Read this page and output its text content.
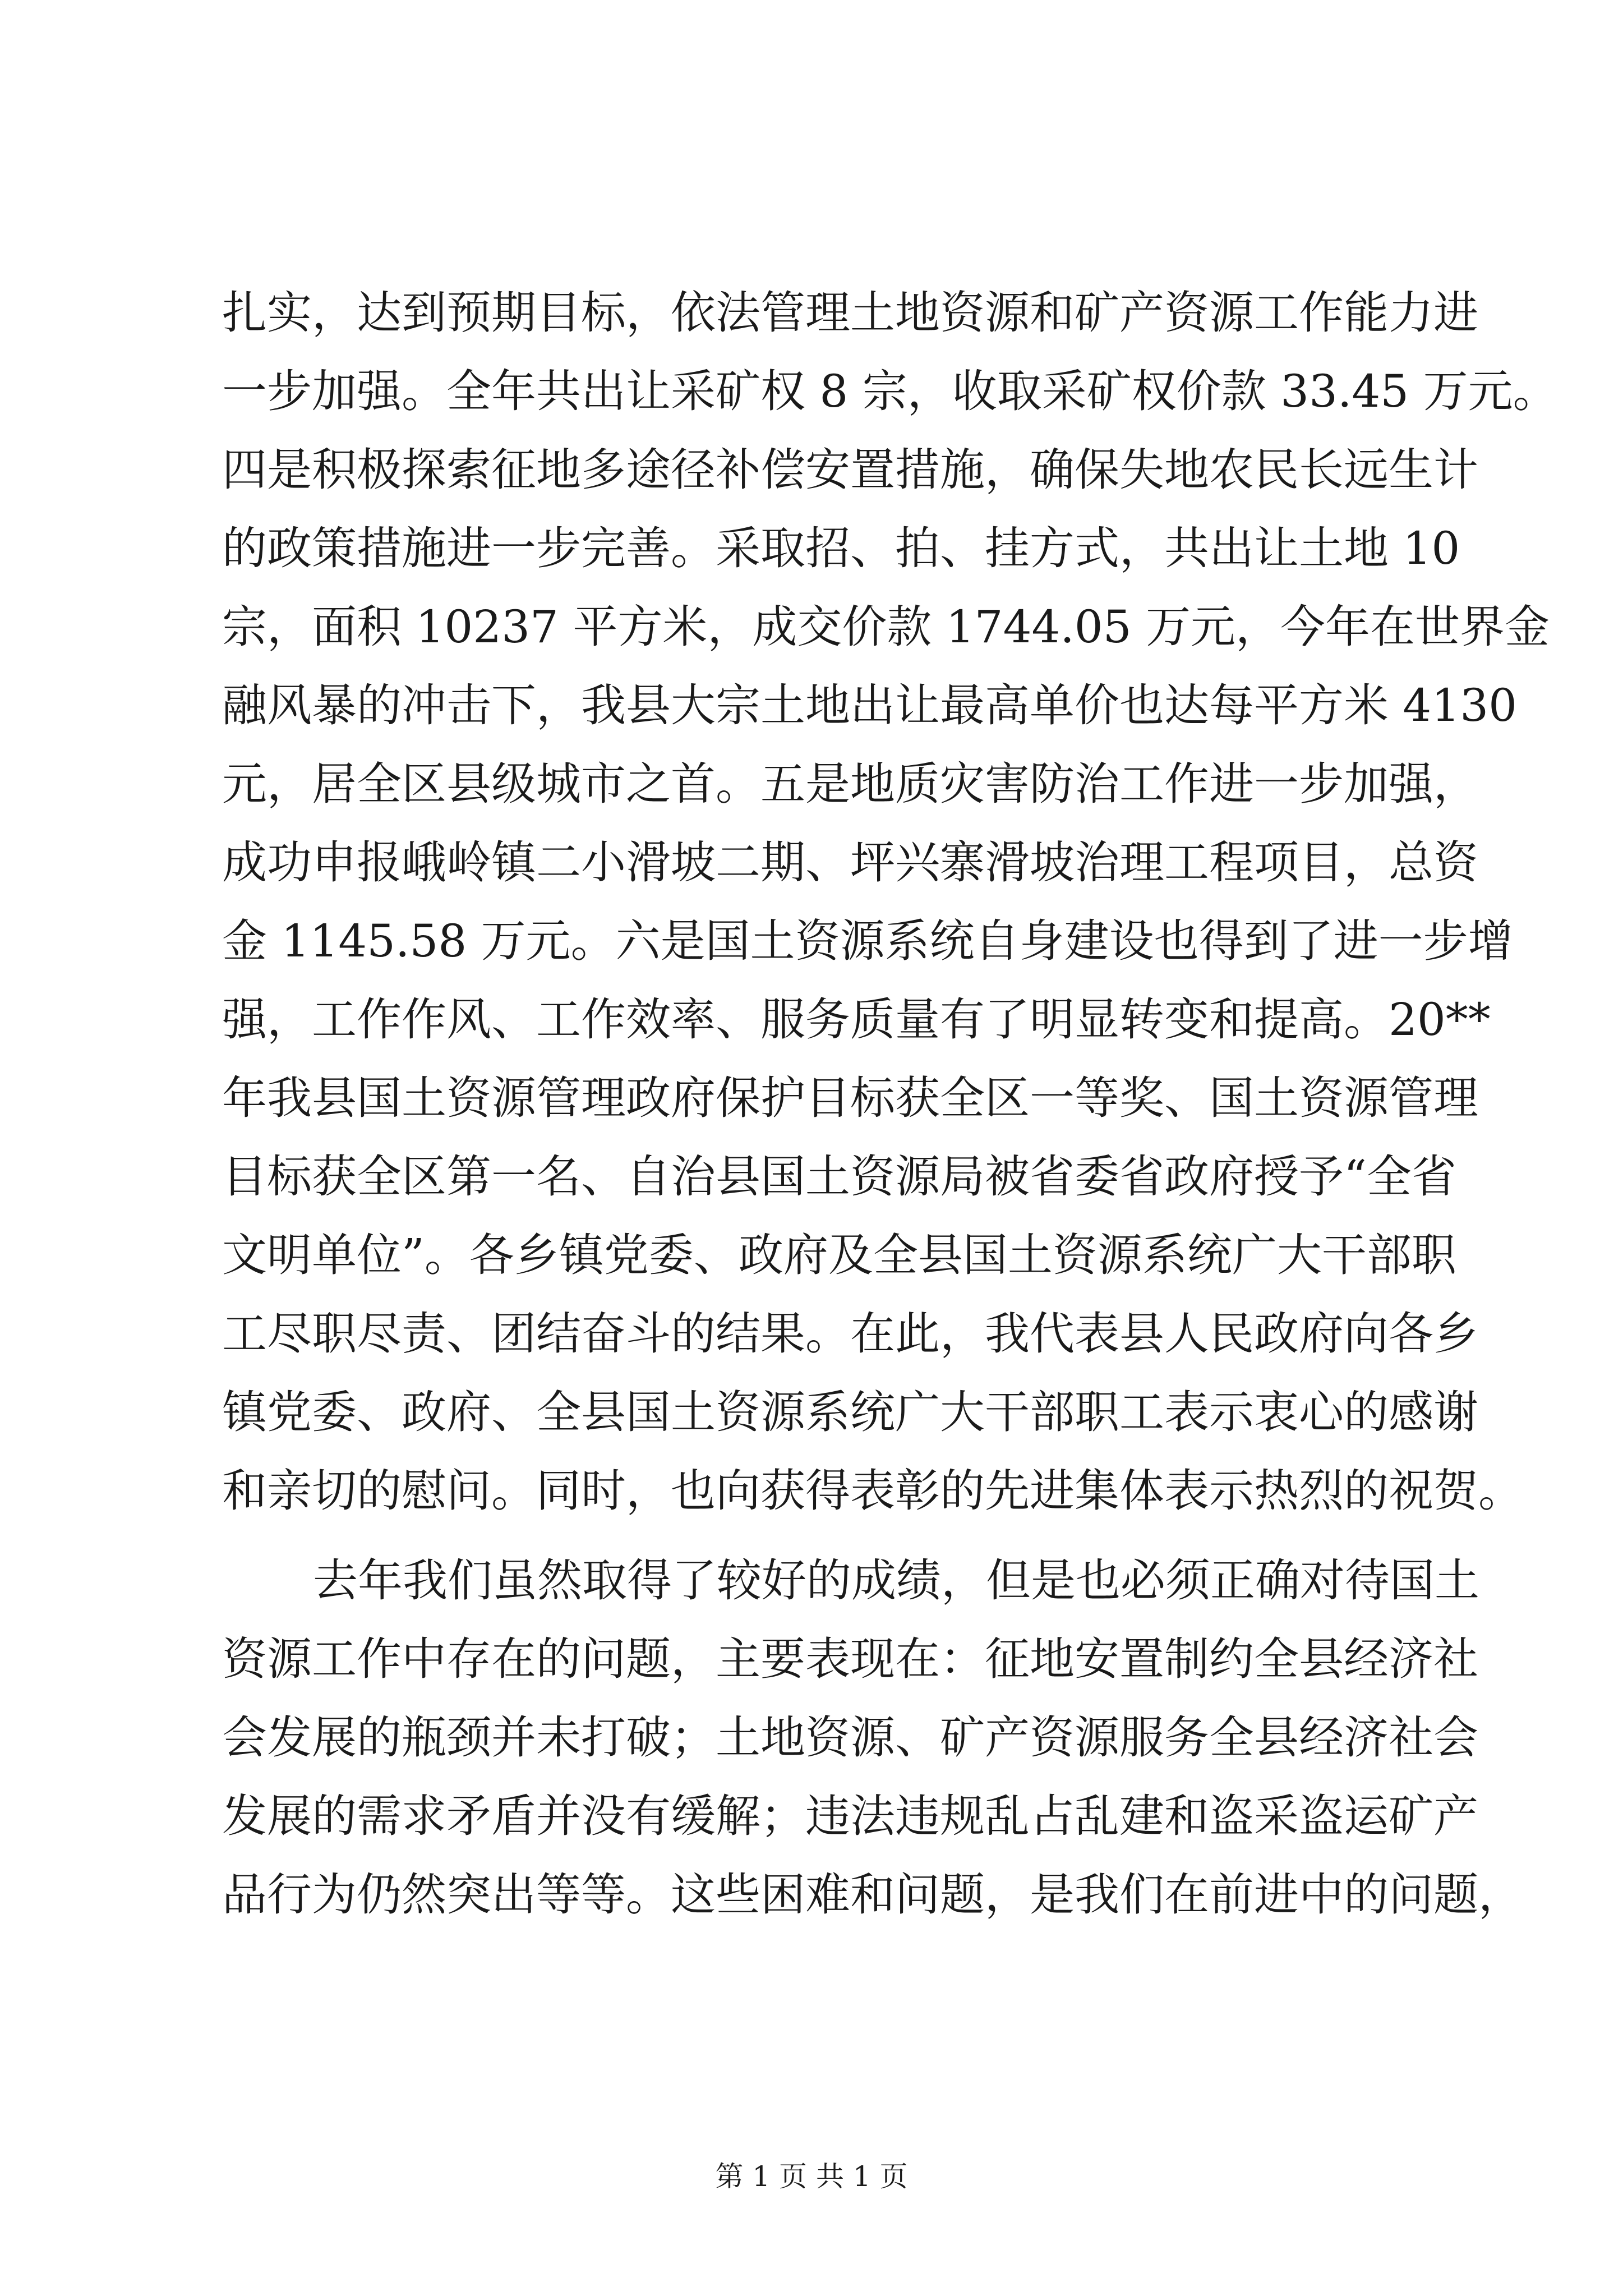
扎实，达到预期目标，依法管理土地资源和矿产资源工作能力进
一步加强。全年共出让采矿权 8 宗，收取采矿权价款 33.45 万元。
四是积极探索征地多途径补偿安置措施，确保失地农民长远生计
的政策措施进一步完善。采取招、拍、挂方式，共出让土地 10
宗，面积 10237 平方米，成交价款 1744.05 万元，今年在世界金
融风暴的冲击下，我县大宗土地出让最高单价也达每平方米 4130
元，居全区县级城市之首。五是地质灾害防治工作进一步加强，
成功申报峨岭镇二小滑坡二期、坪兴寨滑坡治理工程项目，总资
金 1145.58 万元。六是国土资源系统自身建设也得到了进一步增
强，工作作风、工作效率、服务质量有了明显转变和提高。20**
年我县国土资源管理政府保护目标获全区一等奖、国土资源管理
目标获全区第一名、自治县国土资源局被省委省政府授予“全省
文明单位”。各乡镇党委、政府及全县国土资源系统广大干部职
工尽职尽责、团结奋斗的结果。在此，我代表县人民政府向各乡
镇党委、政府、全县国土资源系统广大干部职工表示衷心的感谢
和亲切的慰问。同时，也向获得表彰的先进集体表示热烈的祝贺。
去年我们虽然取得了较好的成绩，但是也必须正确对待国土
资源工作中存在的问题，主要表现在：征地安置制约全县经济社
会发展的瓶颈并未打破；土地资源、矿产资源服务全县经济社会
发展的需求矛盾并没有缓解；违法违规乱占乱建和盗采盗运矿产
品行为仍然突出等等。这些困难和问题，是我们在前进中的问题，
第 1 页 共 1 页
